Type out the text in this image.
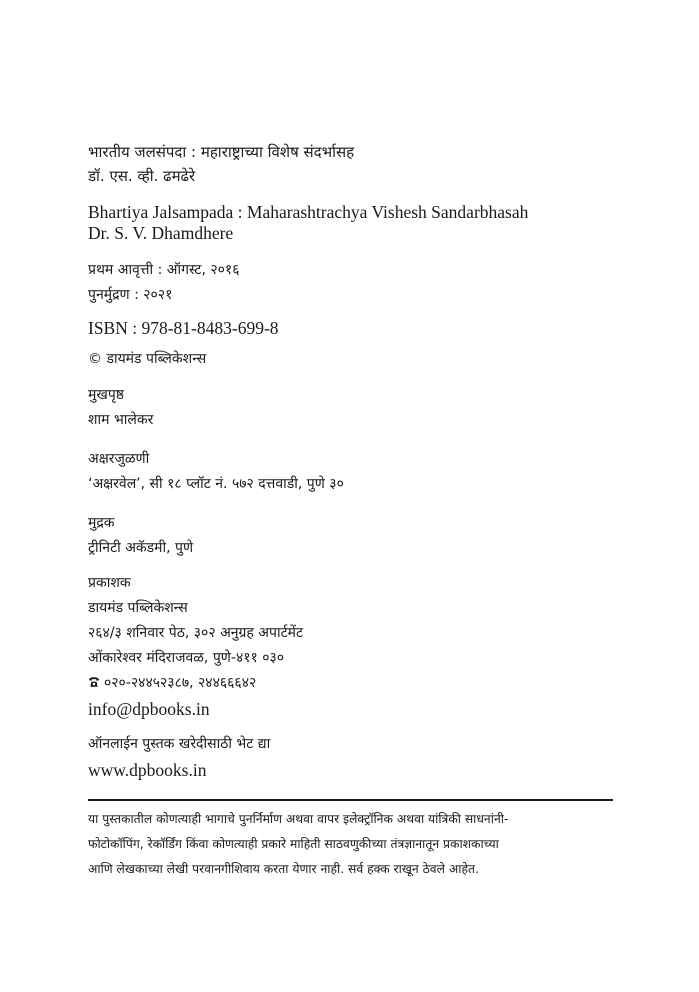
भारतीय जलसंपदा : महाराष्ट्राच्या विशेष संदर्भासह
डॉ. एस. व्ही. ढमढेरे
Bhartiya Jalsampada : Maharashtrachya Vishesh Sandarbhasah
Dr. S. V. Dhamdhere
प्रथम आवृत्ती : ऑगस्ट, २०१६
पुनर्मुद्रण : २०२१
ISBN : 978-81-8483-699-8
© डायमंड पब्लिकेशन्स
मुखपृष्ठ
शाम भालेकर
अक्षरजुळणी
‘अक्षरवेल’, सी १८ प्लॉट नं. ५७२ दत्तवाडी, पुणे ३०
मुद्रक
ट्रीनिटी अकॅडमी, पुणे
प्रकाशक
डायमंड पब्लिकेशन्स
२६४/३ शनिवार पेठ, ३०२ अनुग्रह अपार्टमेंट
ओंकारेश्वर मंदिराजवळ, पुणे-४११ ०३०
०२०-२४४५२३८७, २४४६६६४२
info@dpbooks.in
ऑनलाईन पुस्तक खरेदीसाठी भेट द्या
www.dpbooks.in
या पुस्तकातील कोणत्याही भागाचे पुनर्निर्माण अथवा वापर इलेक्ट्रॉनिक अथवा यांत्रिकी साधनांनी-
फोटोकॉपिंग, रेकॉर्डिंग किंवा कोणत्याही प्रकारे माहिती साठवणुकीच्या तंत्रज्ञानातून प्रकाशकाच्या
आणि लेखकाच्या लेखी परवानगीशिवाय करता येणार नाही. सर्व हक्क राखून ठेवले आहेत.
